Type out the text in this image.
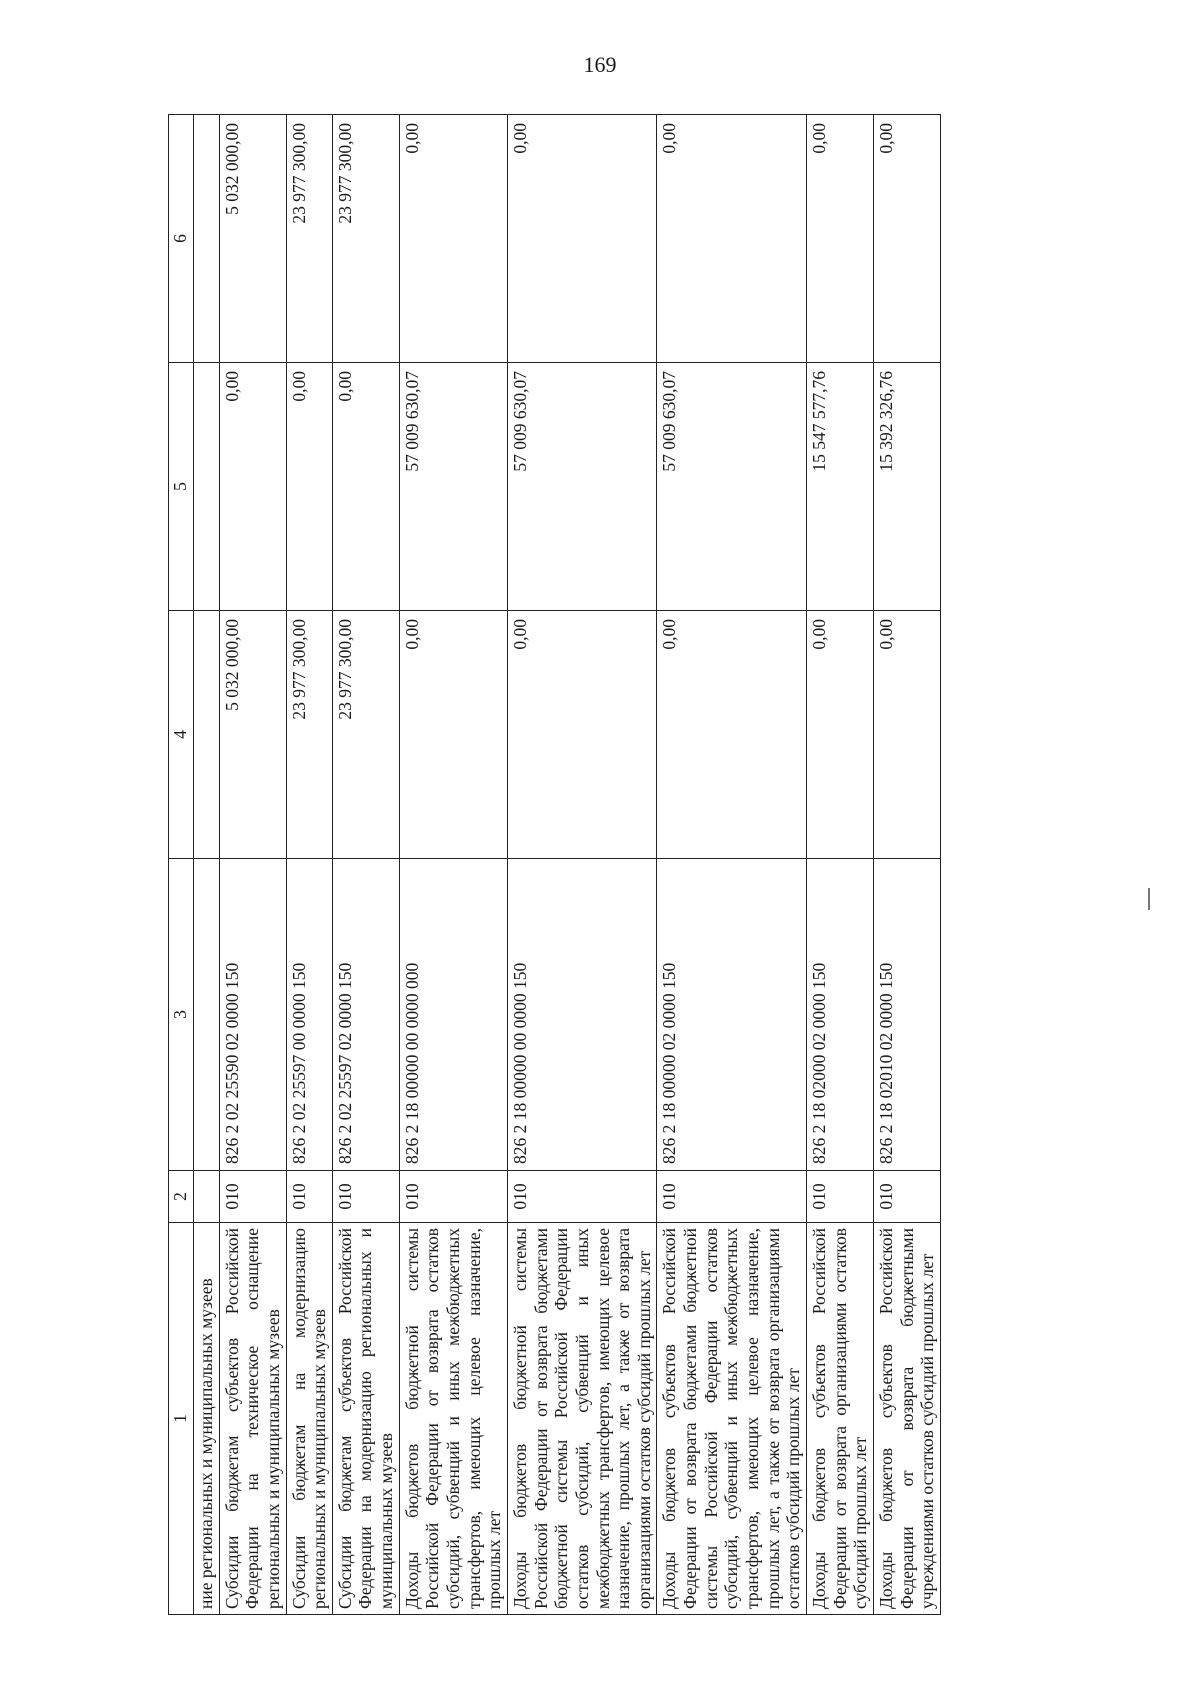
169
1	2	3	4	5	6
ние региональных и муниципальных музеев					
Субсидии бюджетам субъектов Российской Федерации на техническое оснащение региональных и муниципальных музеев	010	826 2 02 25590 02 0000 150	5 032 000,00	0,00	5 032 000,00
Субсидии бюджетам на модернизацию региональных и муниципальных музеев	010	826 2 02 25597 00 0000 150	23 977 300,00	0,00	23 977 300,00
Субсидии бюджетам субъектов Российской Федерации на модернизацию региональных и муниципальных музеев	010	826 2 02 25597 02 0000 150	23 977 300,00	0,00	23 977 300,00
Доходы бюджетов бюджетной системы Российской Федерации от возврата остатков субсидий, субвенций и иных межбюджетных трансфертов, имеющих целевое назначение, прошлых лет	010	826 2 18 00000 00 0000 000	0,00	57 009 630,07	0,00
Доходы бюджетов бюджетной системы Российской Федерации от возврата бюджетами бюджетной системы Российской Федерации остатков субсидий, субвенций и иных межбюджетных трансфертов, имеющих целевое назначение, прошлых лет, а также от возврата организациями остатков субсидий прошлых лет	010	826 2 18 00000 00 0000 150	0,00	57 009 630,07	0,00
Доходы бюджетов субъектов Российской Федерации от возврата бюджетами бюджетной системы Российской Федерации остатков субсидий, субвенций и иных межбюджетных трансфертов, имеющих целевое назначение, прошлых лет, а также от возврата организациями остатков субсидий прошлых лет	010	826 2 18 00000 02 0000 150	0,00	57 009 630,07	0,00
Доходы бюджетов субъектов Российской Федерации от возврата организациями остатков субсидий прошлых лет	010	826 2 18 02000 02 0000 150	0,00	15 547 577,76	0,00
Доходы бюджетов субъектов Российской Федерации от возврата бюджетными учреждениями остатков субсидий прошлых лет	010	826 2 18 02010 02 0000 150	0,00	15 392 326,76	0,00
